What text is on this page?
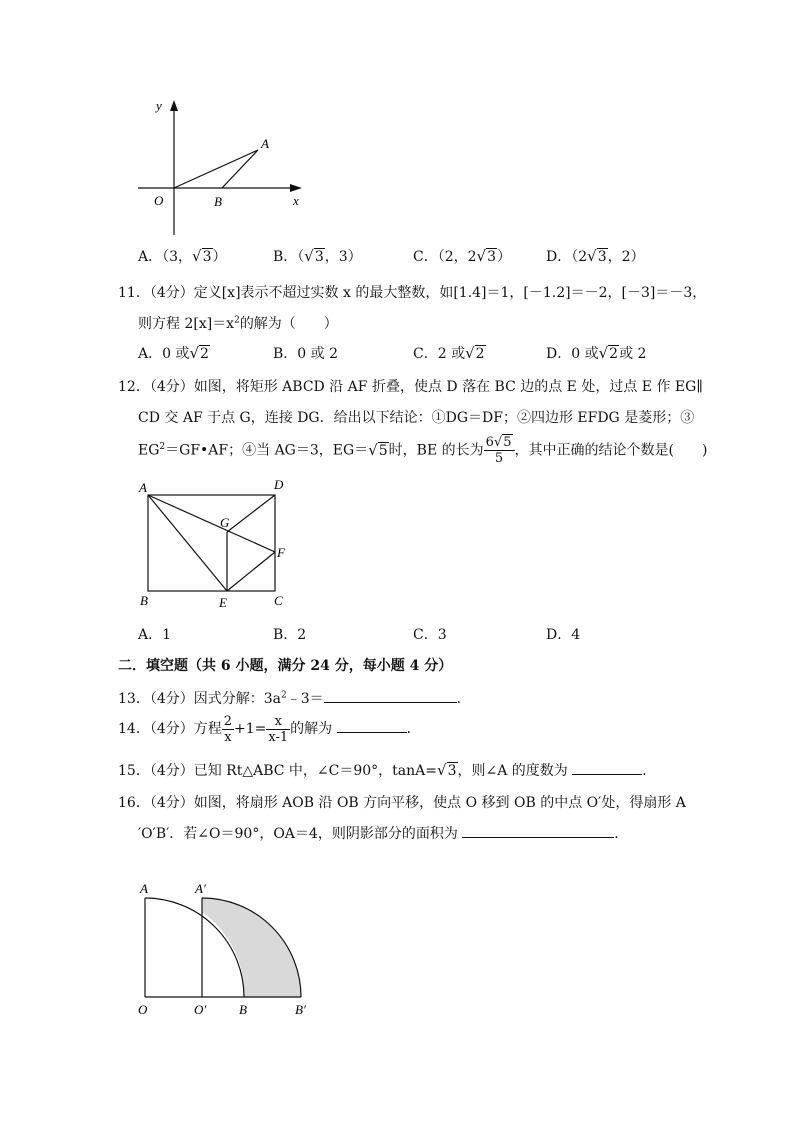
y
x
O	B
A
A．（3，√3）	B．（√3，3）	C．（2，2√3） D．（2√3，2）
11．（4分）定义[x]表示不超过实数 x 的最大整数，如[1.4]＝1，[－1.2]＝－2，[－3]＝－3，
则方程 $2[x]=x^2$的解为（　　）
A．0 或√2	B．0 或 2	C．2 或√2	D．0 或√2或 2
12．（4分）如图，将矩形 ABCD 沿 AF 折叠，使点 D 落在 BC 边的点 E 处，过点 E 作 EG∥
CD 交 AF 于点 G，连接 DG．给出以下结论：①DG＝DF；②四边形 EFDG 是菱形；③
$EG^2=GF•AF$；④当 AG＝3，EG＝√5时，BE 的长为 $\frac{6√5}{5}$ ，其中正确的结论个数是(　　)
A	D
G
F
B	E	C
A．1	B．2	C．3	D．4
二．填空题（共 6 小题，满分 24 分，每小题 4 分）
13．（4分）因式分解：$3a^2﹣3=$	．
14．（4分）方程 $\frac{2}{x} +1= \frac{x}{x-1}$ 的解为	．
15．（4分）已知 Rt△ABC 中，∠C＝90°，tanA=√3，则∠A 的度数为	．
16．（4分）如图，将扇形 AOB 沿 OB 方向平移，使点 O 移到 OB 的中点 O′处，得扇形 A
′O′B′．若∠O＝90°，OA＝4，则阴影部分的面积为	．
A	A′
O	O′	B	B′
